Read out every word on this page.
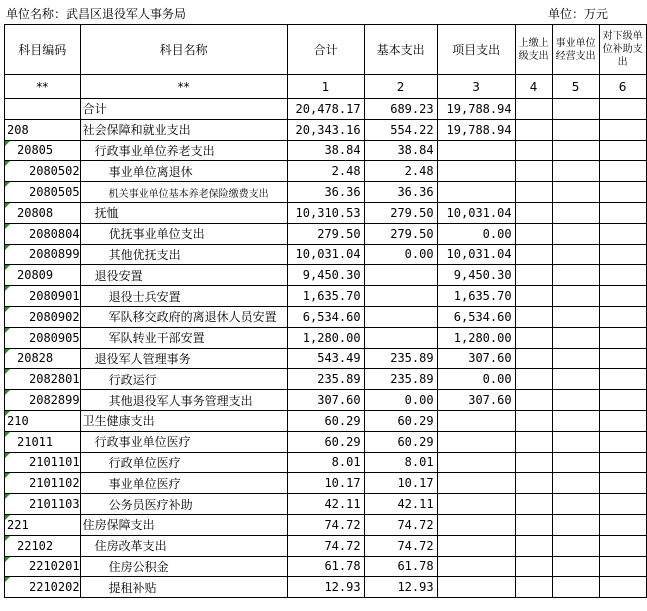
单位名称：武昌区退役军人事务局	单位：万元
科目编码	科目名称	合计	基本支出	项目支出	上缴上级支出	事业单位经营支出	对下级单位补助支出
**	**	1	2	3	4	5	6
	合计	20,478.17	689.23	19,788.94			
208	社会保障和就业支出	20,343.16	554.22	19,788.94			

20805	行政事业单位养老支出	38.84	38.84				

2080502	事业单位离退休	2.48	2.48				

2080505	机关事业单位基本养老保险缴费支出	36.36	36.36				

20808	抚恤	10,310.53	279.50	10,031.04			

2080804	优抚事业单位支出	279.50	279.50	0.00			

2080899	其他优抚支出	10,031.04	0.00	10,031.04			

20809	退役安置	9,450.30		9,450.30			

2080901	退役士兵安置	1,635.70		1,635.70			

2080902	军队移交政府的离退休人员安置	6,534.60		6,534.60			

2080905	军队转业干部安置	1,280.00		1,280.00			

20828	退役军人管理事务	543.49	235.89	307.60			

2082801	行政运行	235.89	235.89	0.00			

2082899	其他退役军人事务管理支出	307.60	0.00	307.60			

210	卫生健康支出	60.29	60.29				

21011	行政事业单位医疗	60.29	60.29				

2101101	行政单位医疗	8.01	8.01				

2101102	事业单位医疗	10.17	10.17				

2101103	公务员医疗补助	42.11	42.11				

221	住房保障支出	74.72	74.72				

22102	住房改革支出	74.72	74.72				

2210201	住房公积金	61.78	61.78				

2210202	提租补贴	12.93	12.93				
